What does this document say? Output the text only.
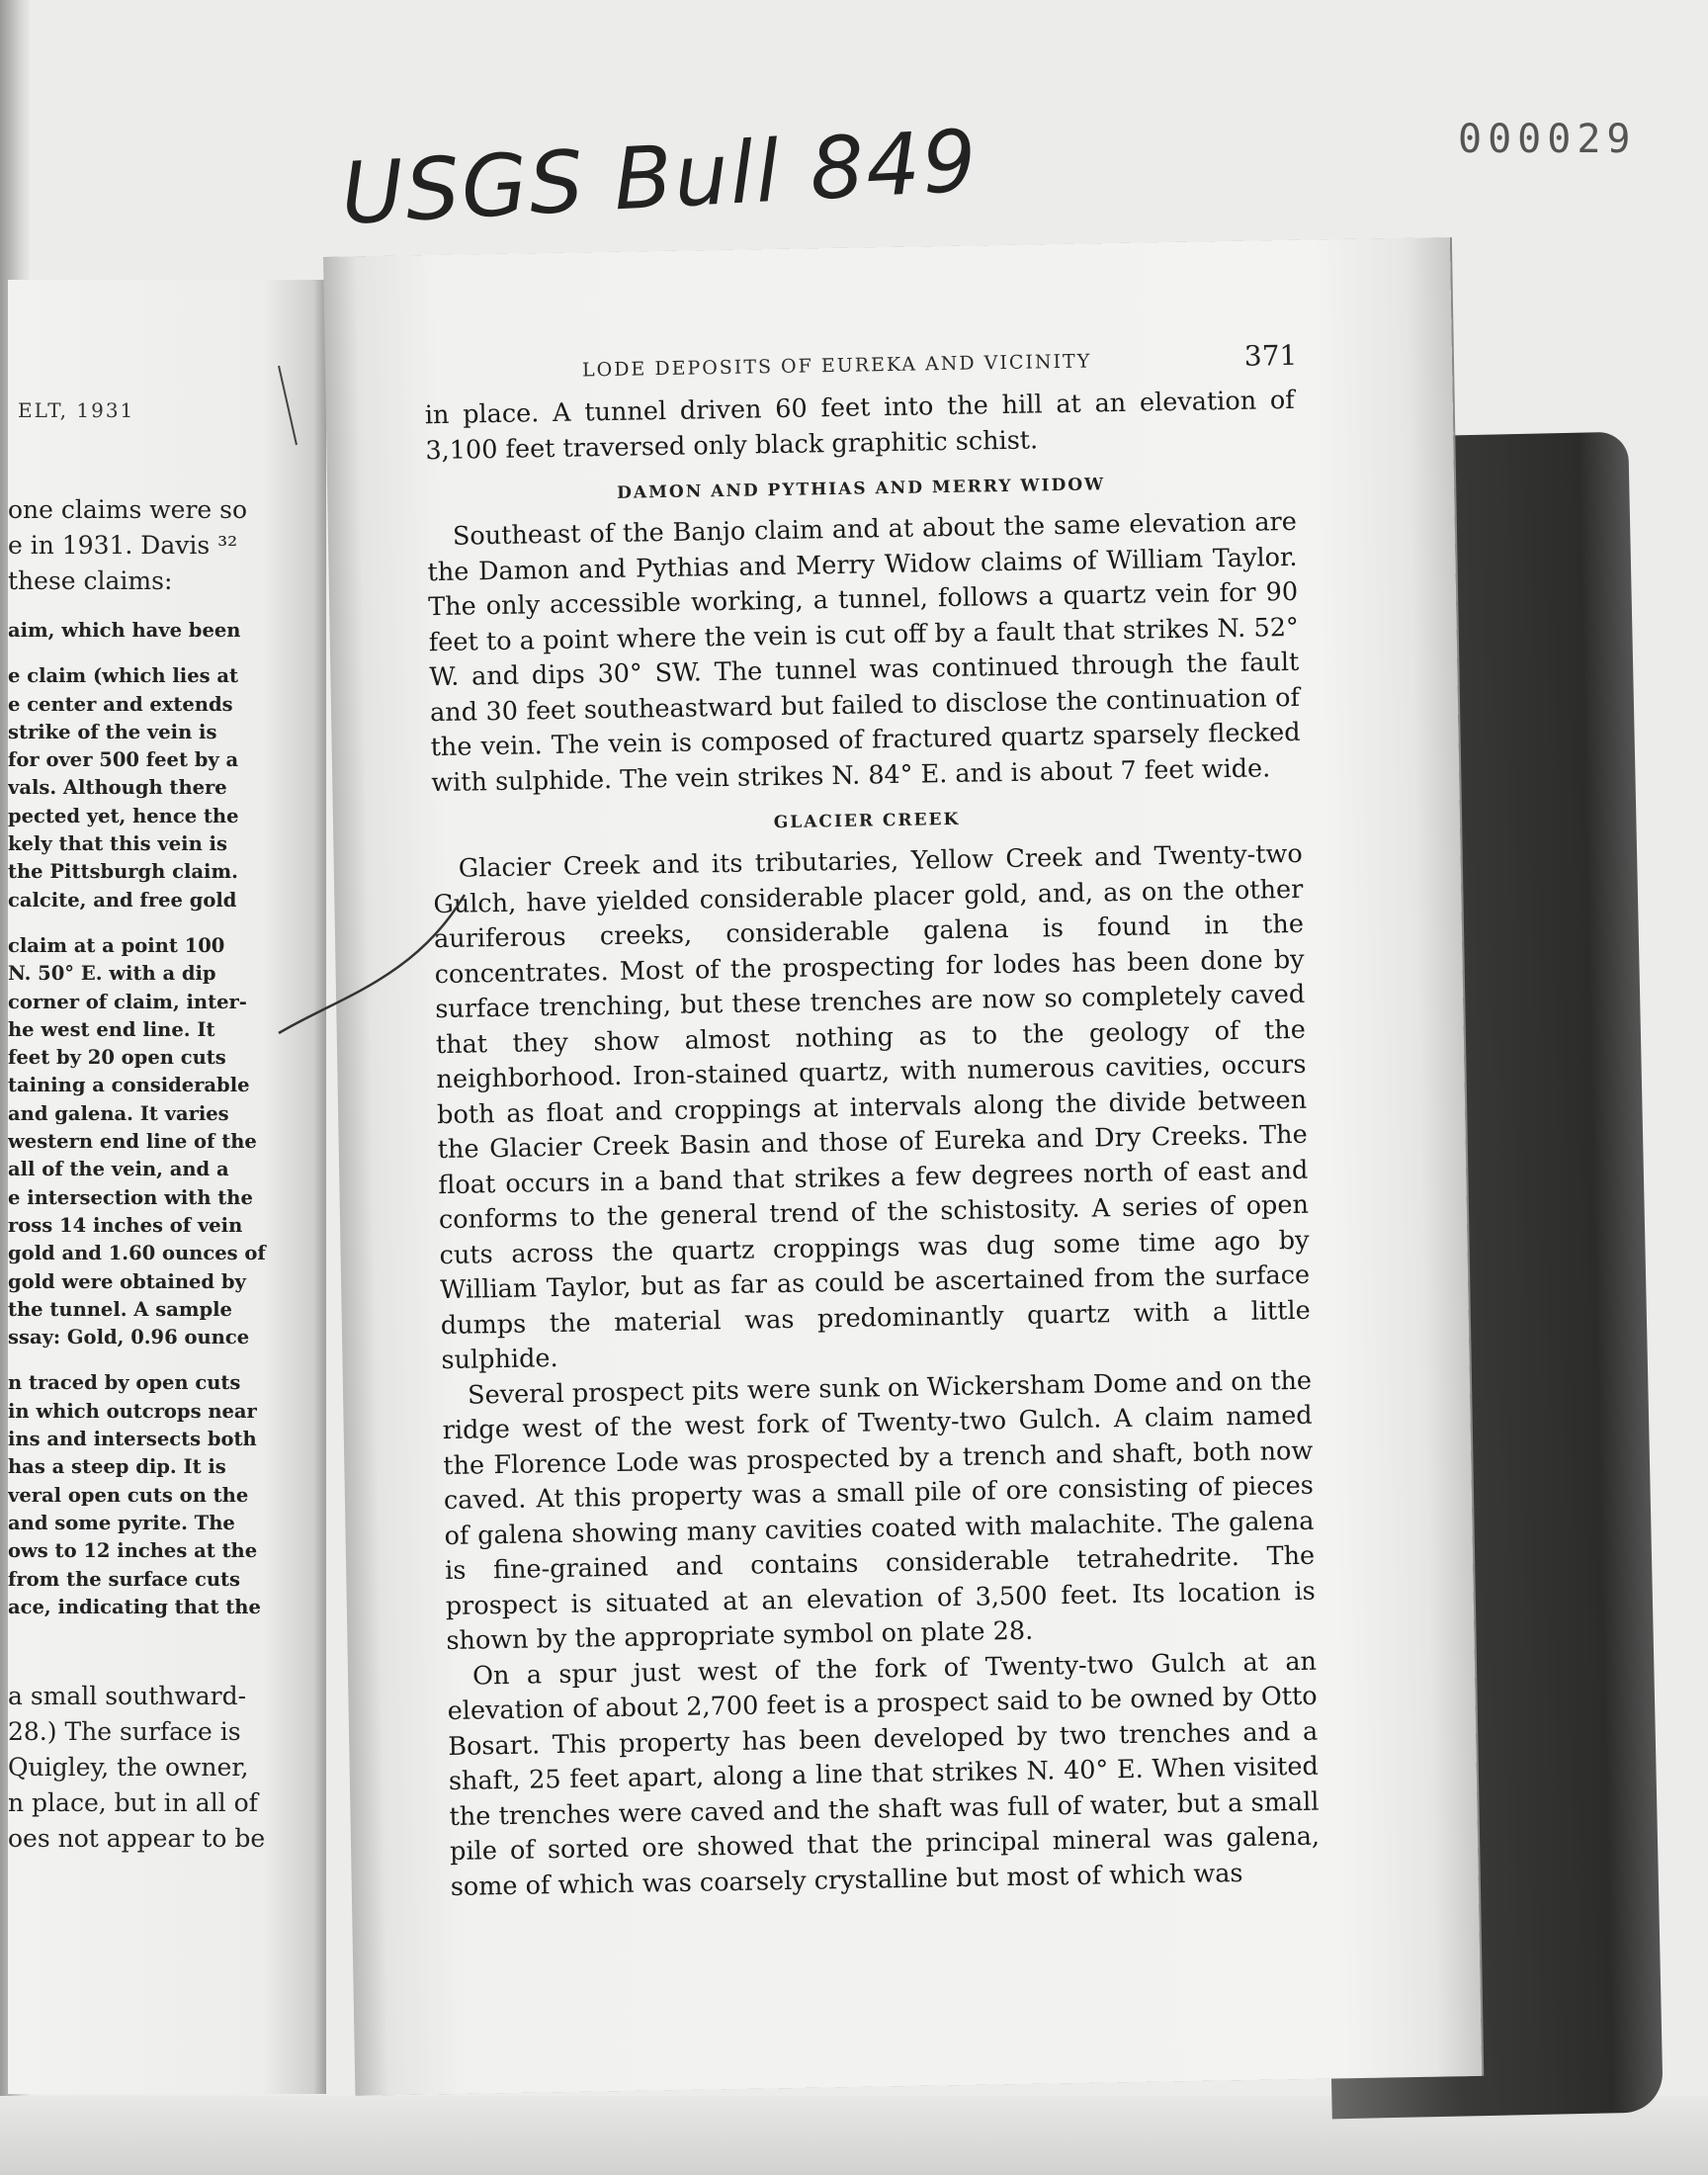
USGS Bull 849	000029
ELT, 1931
one claims were so
e in 1931. Davis ³²
these claims:
aim, which have been
e claim (which lies at
e center and extends
strike of the vein is
for over 500 feet by a
vals. Although there
pected yet, hence the
kely that this vein is
the Pittsburgh claim.
calcite, and free gold
claim at a point 100
N. 50° E. with a dip
corner of claim, inter-
he west end line. It
feet by 20 open cuts
taining a considerable
and galena. It varies
western end line of the
all of the vein, and a
e intersection with the
ross 14 inches of vein
gold and 1.60 ounces of
gold were obtained by
the tunnel. A sample
ssay: Gold, 0.96 ounce
n traced by open cuts
in which outcrops near
ins and intersects both
has a steep dip. It is
veral open cuts on the
and some pyrite. The
ows to 12 inches at the
from the surface cuts
ace, indicating that the
a small southward-
28.) The surface is
Quigley, the owner,
n place, but in all of
oes not appear to be
LODE DEPOSITS OF EUREKA AND VICINITY	371

in place. A tunnel driven 60 feet into the hill at an elevation of 3,100 feet traversed only black graphitic schist.

DAMON AND PYTHIAS AND MERRY WIDOW

Southeast of the Banjo claim and at about the same elevation are the Damon and Pythias and Merry Widow claims of William Taylor. The only accessible working, a tunnel, follows a quartz vein for 90 feet to a point where the vein is cut off by a fault that strikes N. 52° W. and dips 30° SW. The tunnel was continued through the fault and 30 feet southeastward but failed to disclose the continuation of the vein. The vein is composed of fractured quartz sparsely flecked with sulphide. The vein strikes N. 84° E. and is about 7 feet wide.

GLACIER CREEK

Glacier Creek and its tributaries, Yellow Creek and Twenty-two Gulch, have yielded considerable placer gold, and, as on the other auriferous creeks, considerable galena is found in the concentrates. Most of the prospecting for lodes has been done by surface trenching, but these trenches are now so completely caved that they show almost nothing as to the geology of the neighborhood. Iron-stained quartz, with numerous cavities, occurs both as float and croppings at intervals along the divide between the Glacier Creek Basin and those of Eureka and Dry Creeks. The float occurs in a band that strikes a few degrees north of east and conforms to the general trend of the schistosity. A series of open cuts across the quartz croppings was dug some time ago by William Taylor, but as far as could be ascertained from the surface dumps the material was predominantly quartz with a little sulphide.

Several prospect pits were sunk on Wickersham Dome and on the ridge west of the west fork of Twenty-two Gulch. A claim named the Florence Lode was prospected by a trench and shaft, both now caved. At this property was a small pile of ore consisting of pieces of galena showing many cavities coated with malachite. The galena is fine-grained and contains considerable tetrahedrite. The prospect is situated at an elevation of 3,500 feet. Its location is shown by the appropriate symbol on plate 28.

On a spur just west of the fork of Twenty-two Gulch at an elevation of about 2,700 feet is a prospect said to be owned by Otto Bosart. This property has been developed by two trenches and a shaft, 25 feet apart, along a line that strikes N. 40° E. When visited the trenches were caved and the shaft was full of water, but a small pile of sorted ore showed that the principal mineral was galena, some of which was coarsely crystalline but most of which was
